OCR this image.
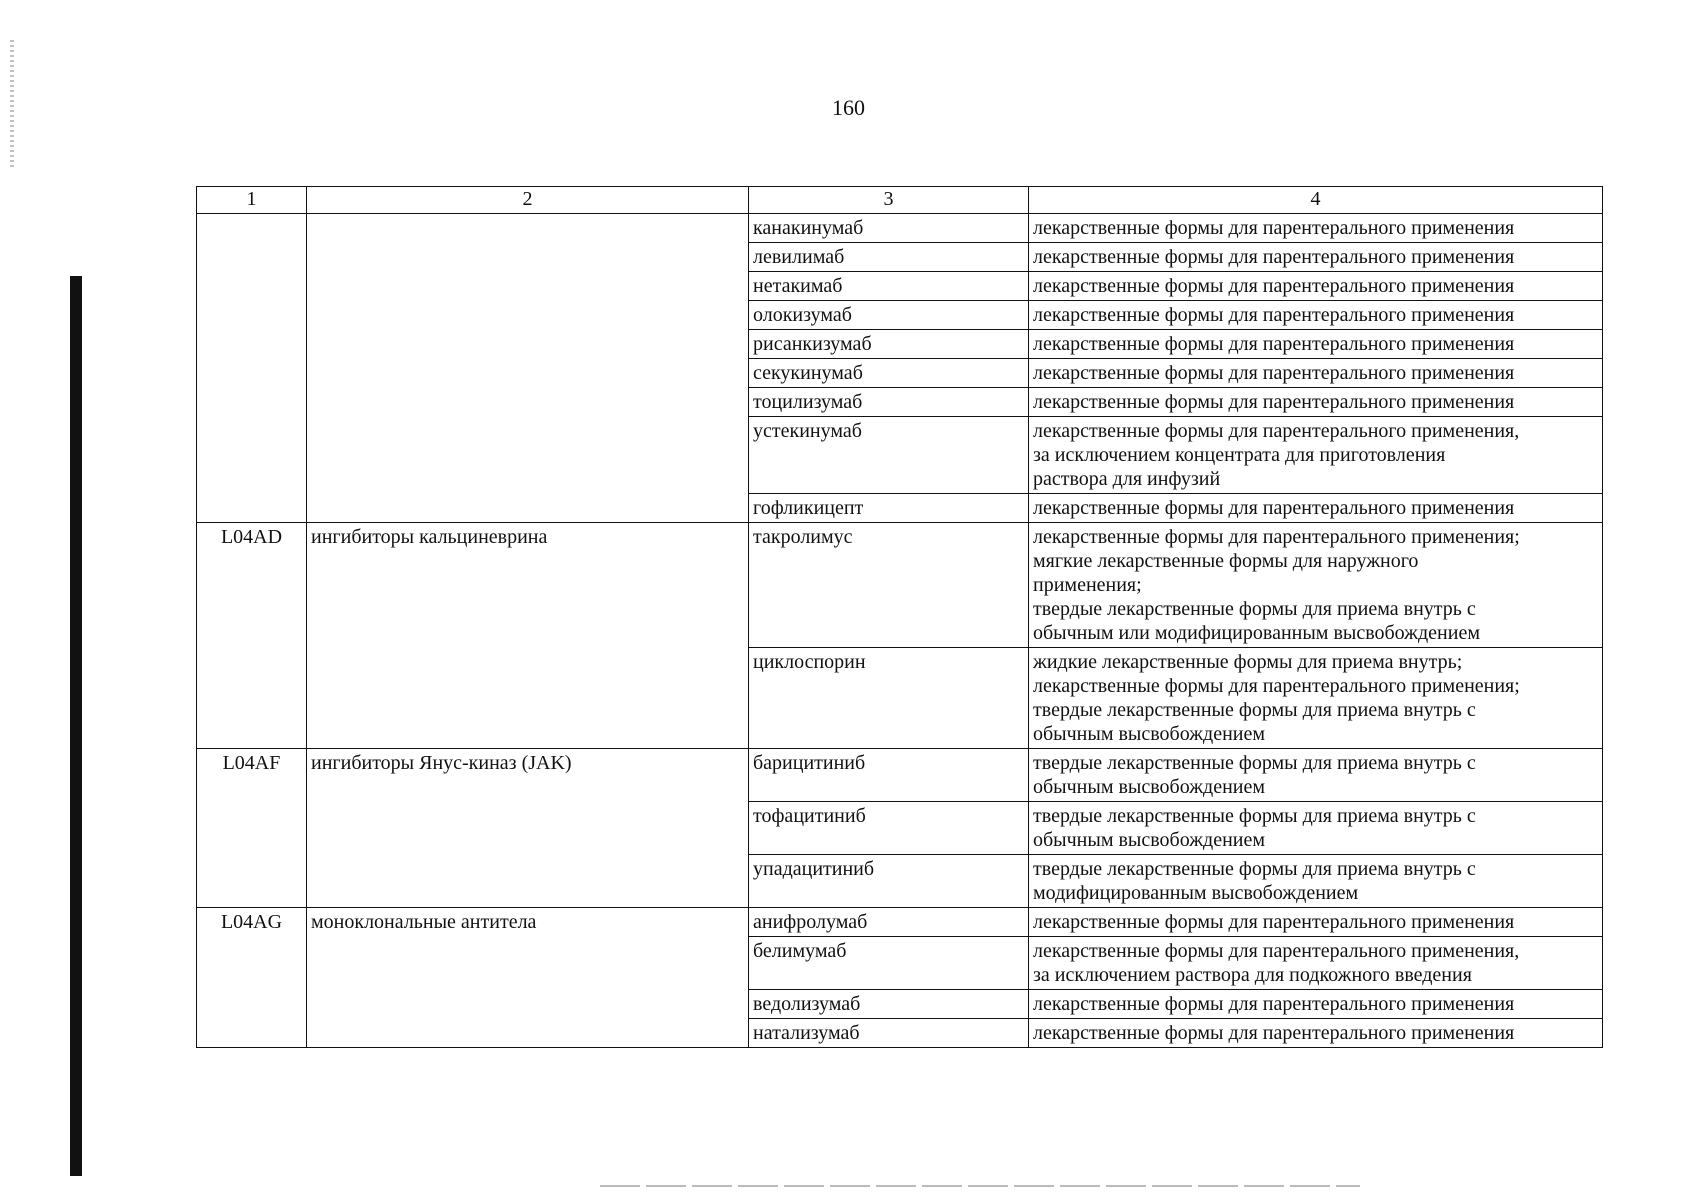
160
1	2	3	4
		канакинумаб	лекарственные формы для парентерального применения

		левилимаб	лекарственные формы для парентерального применения

		нетакимаб	лекарственные формы для парентерального применения

		олокизумаб	лекарственные формы для парентерального применения

		рисанкизумаб	лекарственные формы для парентерального применения

		секукинумаб	лекарственные формы для парентерального применения

		тоцилизумаб	лекарственные формы для парентерального применения

		устекинумаб	лекарственные формы для парентерального применения,
за исключением концентрата для приготовления
раствора для инфузий

		гофликицепт	лекарственные формы для парентерального применения

L04AD	ингибиторы кальциневрина	такролимус	лекарственные формы для парентерального применения;
мягкие лекарственные формы для наружного
применения;
твердые лекарственные формы для приема внутрь с
обычным или модифицированным высвобождением

		циклоспорин	жидкие лекарственные формы для приема внутрь;
лекарственные формы для парентерального применения;
твердые лекарственные формы для приема внутрь с
обычным высвобождением

L04AF	ингибиторы Янус-киназ (JAK)	барицитиниб	твердые лекарственные формы для приема внутрь с
обычным высвобождением

		тофацитиниб	твердые лекарственные формы для приема внутрь с
обычным высвобождением

		упадацитиниб	твердые лекарственные формы для приема внутрь с
модифицированным высвобождением

L04AG	моноклональные антитела	анифролумаб	лекарственные формы для парентерального применения

		белимумаб	лекарственные формы для парентерального применения,
за исключением раствора для подкожного введения

		ведолизумаб	лекарственные формы для парентерального применения

		натализумаб	лекарственные формы для парентерального применения
